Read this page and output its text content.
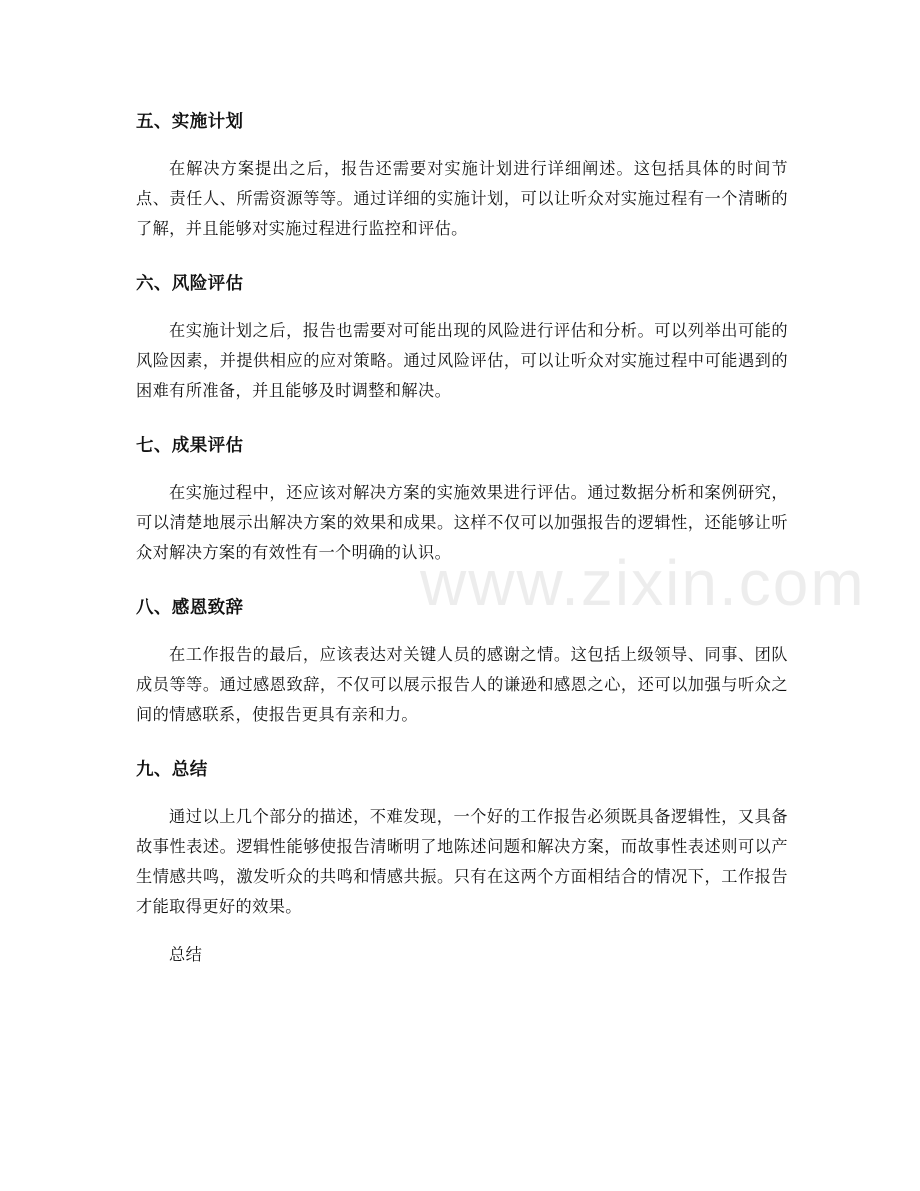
www.zixin.com
五、实施计划

在解决方案提出之后，报告还需要对实施计划进行详细阐述。这包括具体的时间节点、责任人、所需资源等等。通过详细的实施计划，可以让听众对实施过程有一个清晰的了解，并且能够对实施过程进行监控和评估。

六、风险评估

在实施计划之后，报告也需要对可能出现的风险进行评估和分析。可以列举出可能的风险因素，并提供相应的应对策略。通过风险评估，可以让听众对实施过程中可能遇到的困难有所准备，并且能够及时调整和解决。

七、成果评估

在实施过程中，还应该对解决方案的实施效果进行评估。通过数据分析和案例研究，可以清楚地展示出解决方案的效果和成果。这样不仅可以加强报告的逻辑性，还能够让听众对解决方案的有效性有一个明确的认识。

八、感恩致辞

在工作报告的最后，应该表达对关键人员的感谢之情。这包括上级领导、同事、团队成员等等。通过感恩致辞，不仅可以展示报告人的谦逊和感恩之心，还可以加强与听众之间的情感联系，使报告更具有亲和力。

九、总结

通过以上几个部分的描述，不难发现，一个好的工作报告必须既具备逻辑性，又具备故事性表述。逻辑性能够使报告清晰明了地陈述问题和解决方案，而故事性表述则可以产生情感共鸣，激发听众的共鸣和情感共振。只有在这两个方面相结合的情况下，工作报告才能取得更好的效果。

总结
